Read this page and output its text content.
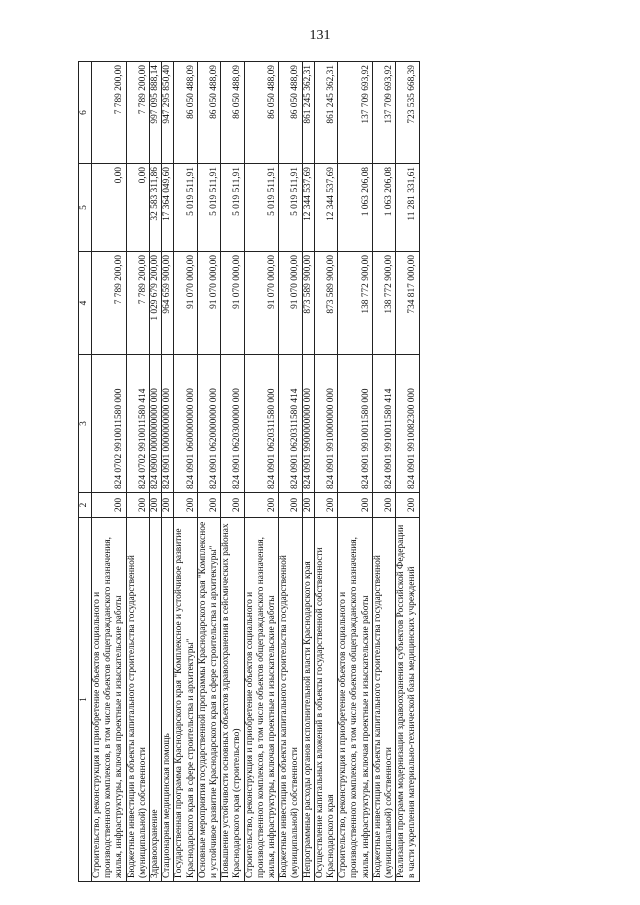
131
1	2	3	4	5	6
Строительство, реконструкция и приобретение объектов социального и производственного комплексов, в том числе объектов общегражданского назначения, жилья, инфраструктуры, включая проектные и изыскательские работы	200	824 0702 9910011580 000	7 789 200,00	0,00	7 789 200,00
Бюджетные инвестиции в объекты капитального строительства государственной (муниципальной) собственности	200	824 0702 9910011580 414	7 789 200,00	0,00	7 789 200,00
Здравоохранение	200	824 0900 0000000000 000	1 029 679 200,00	32 583 311,86	997 095 888,14
Стационарная медицинская помощь	200	824 0901 0000000000 000	964 659 900,00	17 364 049,60	947 295 850,40
Государственная программа Краснодарского края "Комплексное и устойчивое развитие Краснодарского края в сфере строительства и архитектуры"	200	824 0901 0600000000 000	91 070 000,00	5 019 511,91	86 050 488,09
Основные мероприятия государственной программы Краснодарского края "Комплексное и устойчивое развитие Краснодарского края в сфере строительства и архитектуры"	200	824 0901 0620000000 000	91 070 000,00	5 019 511,91	86 050 488,09
Повышение устойчивости основных объектов здравоохранения в сейсмических районах Краснодарского края (строительство)	200	824 0901 0620300000 000	91 070 000,00	5 019 511,91	86 050 488,09
Строительство, реконструкция и приобретение объектов социального и производственного комплексов, в том числе объектов общегражданского назначения, жилья, инфраструктуры, включая проектные и изыскательские работы	200	824 0901 0620311580 000	91 070 000,00	5 019 511,91	86 050 488,09
Бюджетные инвестиции в объекты капитального строительства государственной (муниципальной) собственности	200	824 0901 0620311580 414	91 070 000,00	5 019 511,91	86 050 488,09
Непрограммные расходы органов исполнительной власти Краснодарского края	200	824 0901 9900000000 000	873 589 900,00	12 344 537,69	861 245 362,31
Осуществление капитальных вложений в объекты государственной собственности Краснодарского края	200	824 0901 9910000000 000	873 589 900,00	12 344 537,69	861 245 362,31
Строительство, реконструкция и приобретение объектов социального и производственного комплексов, в том числе объектов общегражданского назначения, жилья, инфраструктуры, включая проектные и изыскательские работы	200	824 0901 9910011580 000	138 772 900,00	1 063 206,08	137 709 693,92
Бюджетные инвестиции в объекты капитального строительства государственной (муниципальной) собственности	200	824 0901 9910011580 414	138 772 900,00	1 063 206,08	137 709 693,92
Реализация программ модернизации здравоохранения субъектов Российской Федерации в части укрепления материально-технической базы медицинских учреждений	200	824 0901 9910082300 000	734 817 000,00	11 281 331,61	723 535 668,39
